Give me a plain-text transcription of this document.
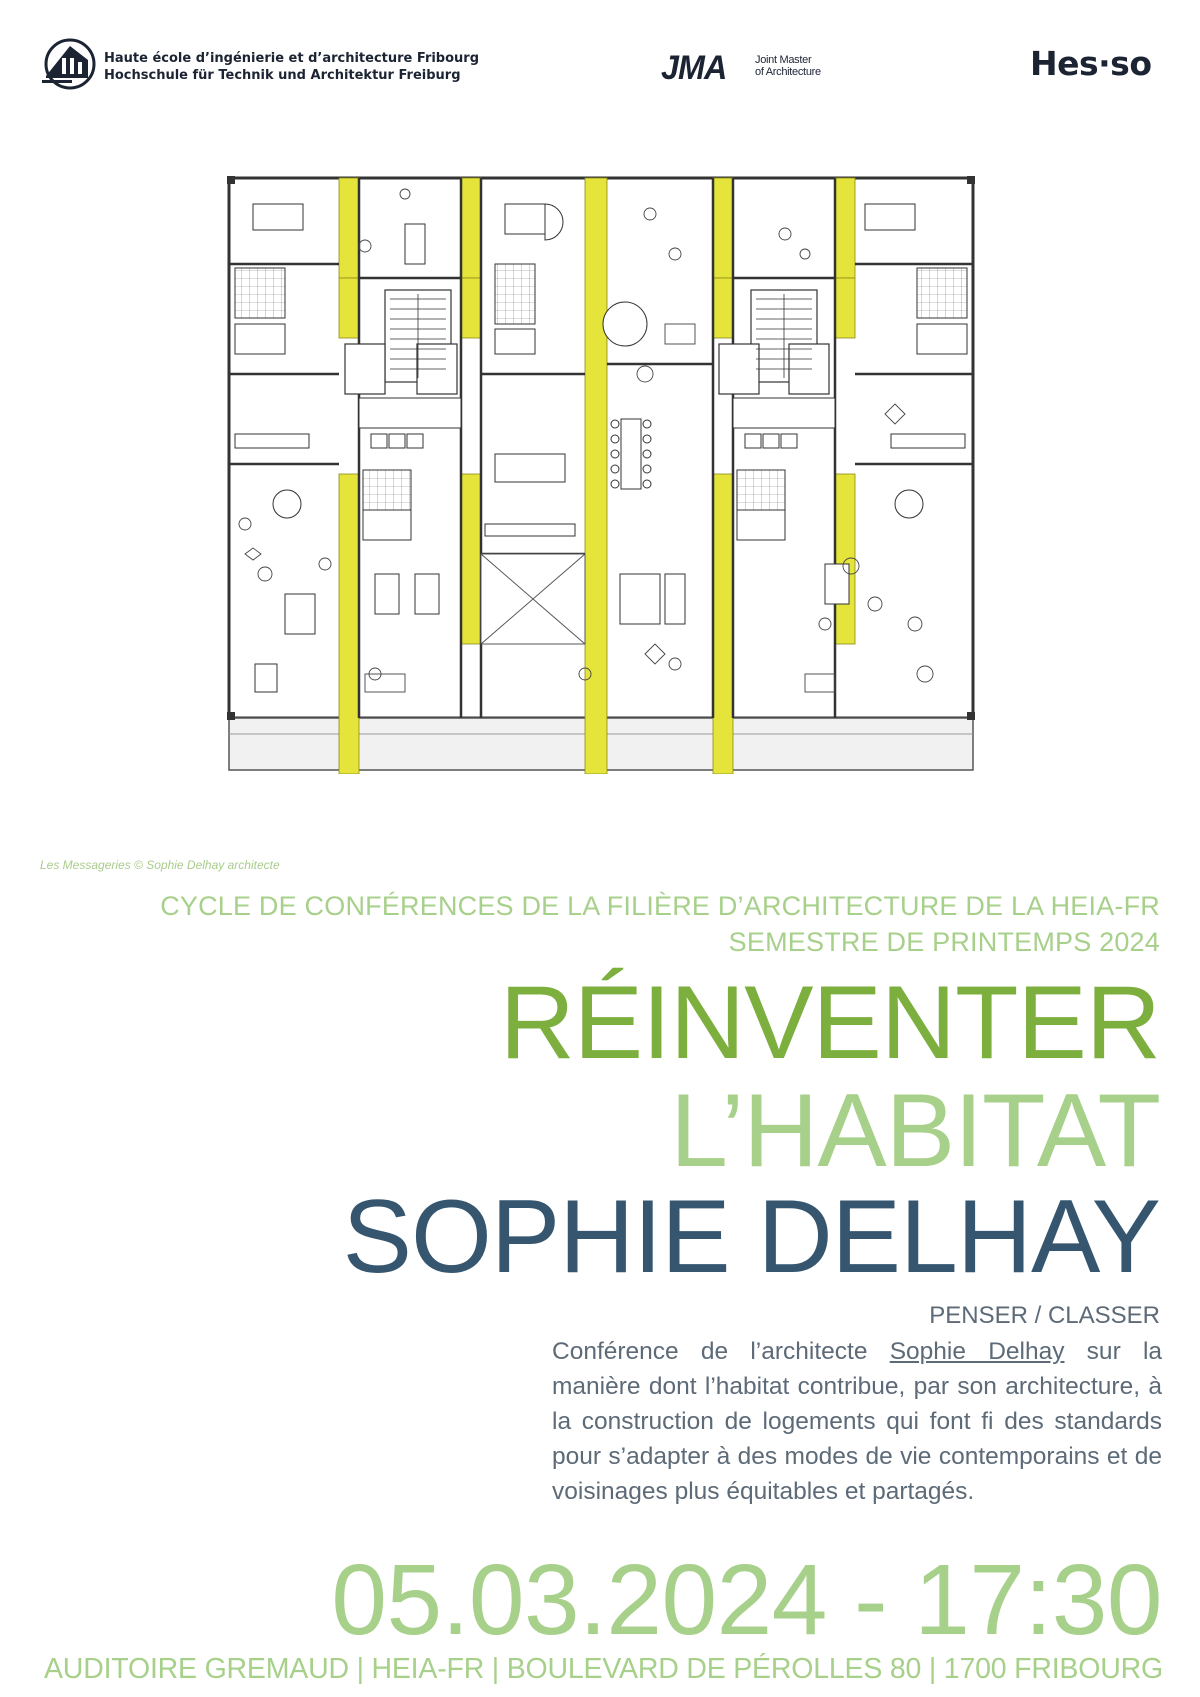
Haute école d’ingénierie et d’architecture Fribourg
Hochschule für Technik und Architektur Freiburg	JMA	Joint Master
of Architecture	Hes·so
Les Messageries © Sophie Delhay architecte
CYCLE DE CONFÉRENCES DE LA FILIÈRE D’ARCHITECTURE DE LA HEIA-FR
SEMESTRE DE PRINTEMPS 2024
RÉINVENTER
L’HABITAT
SOPHIE DELHAY
PENSER / CLASSER
Conférence de l’architecte Sophie Delhay sur la manière dont l’habitat contribue, par son architecture, à la construction de logements qui font fi des standards pour s’adapter à des modes de vie contemporains et de voisinages plus équitables et partagés.
05.03.2024 - 17:30
AUDITOIRE GREMAUD | HEIA-FR | BOULEVARD DE PÉROLLES 80 | 1700 FRIBOURG
